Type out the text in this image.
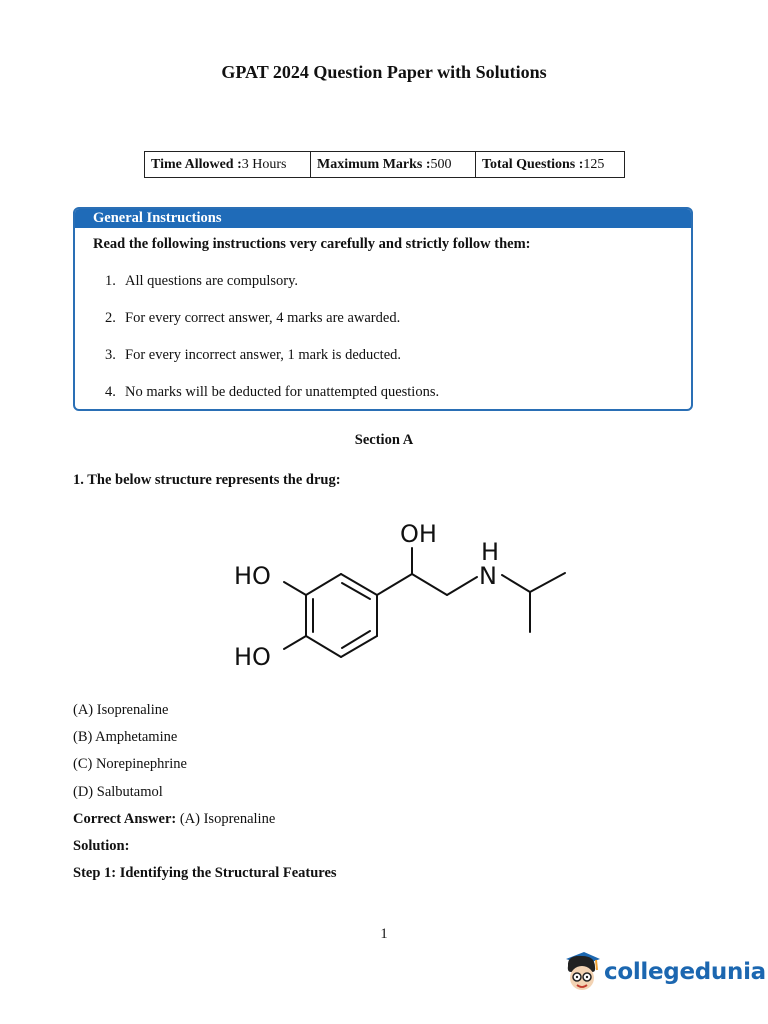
GPAT 2024 Question Paper with Solutions
Time Allowed :3 Hours	Maximum Marks :500	Total Questions :125
General Instructions
Read the following instructions very carefully and strictly follow them:
1. All questions are compulsory.
2. For every correct answer, 4 marks are awarded.
3. For every incorrect answer, 1 mark is deducted.
4. No marks will be deducted for unattempted questions.
Section A
1. The below structure represents the drug:
OH
HO
HO
H
N
(A) Isoprenaline
(B) Amphetamine
(C) Norepinephrine
(D) Salbutamol
Correct Answer: (A) Isoprenaline
Solution:
Step 1: Identifying the Structural Features
1
collegedunia
